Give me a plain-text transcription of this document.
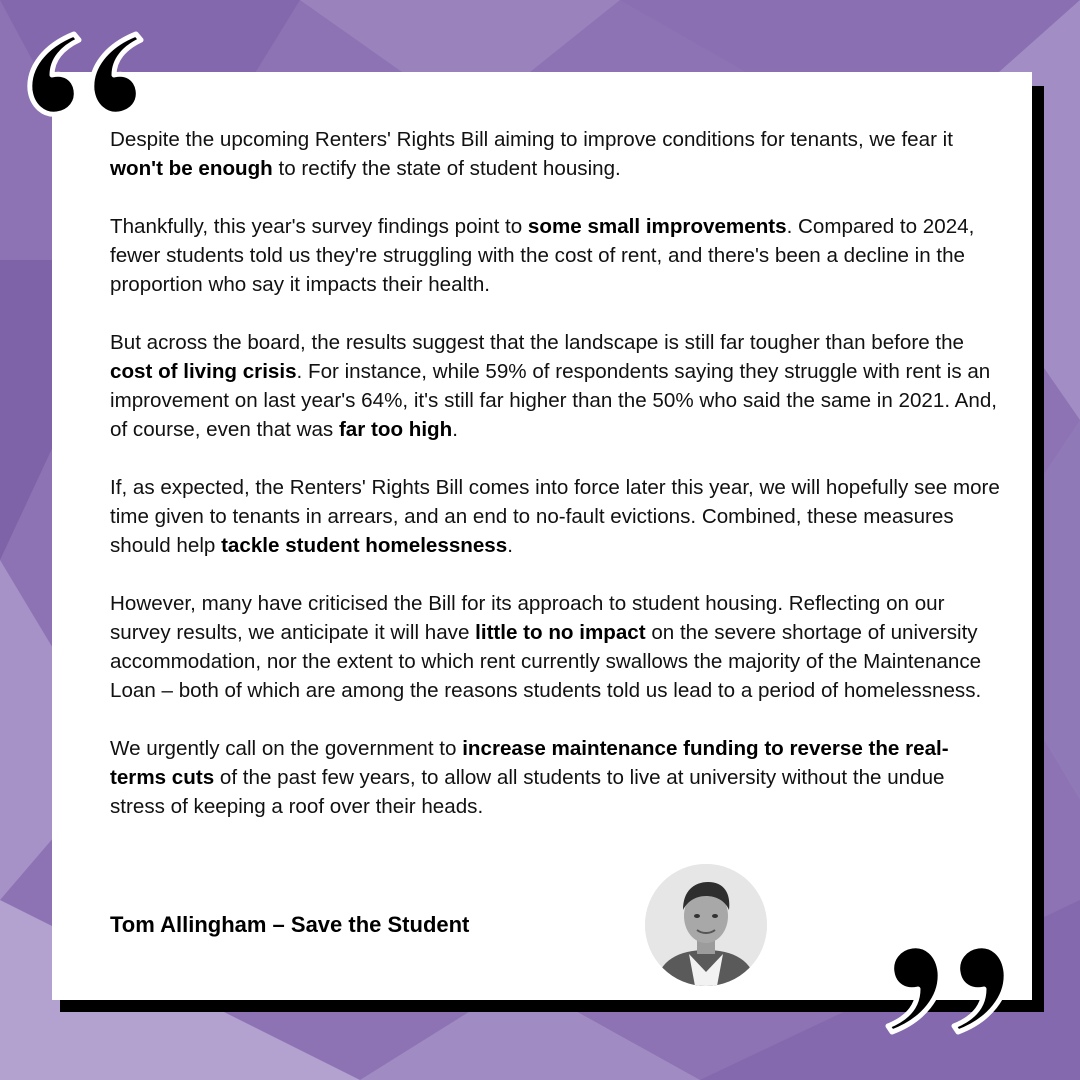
Despite the upcoming Renters' Rights Bill aiming to improve conditions for tenants, we fear it won't be enough to rectify the state of student housing.

Thankfully, this year's survey findings point to some small improvements. Compared to 2024, fewer students told us they're struggling with the cost of rent, and there's been a decline in the proportion who say it impacts their health.

But across the board, the results suggest that the landscape is still far tougher than before the cost of living crisis. For instance, while 59% of respondents saying they struggle with rent is an improvement on last year's 64%, it's still far higher than the 50% who said the same in 2021. And, of course, even that was far too high.

If, as expected, the Renters' Rights Bill comes into force later this year, we will hopefully see more time given to tenants in arrears, and an end to no-fault evictions. Combined, these measures should help tackle student homelessness.

However, many have criticised the Bill for its approach to student housing. Reflecting on our survey results, we anticipate it will have little to no impact on the severe shortage of university accommodation, nor the extent to which rent currently swallows the majority of the Maintenance Loan – both of which are among the reasons students told us lead to a period of homelessness.

We urgently call on the government to increase maintenance funding to reverse the real-terms cuts of the past few years, to allow all students to live at university without the undue stress of keeping a roof over their heads.

Tom Allingham – Save the Student
